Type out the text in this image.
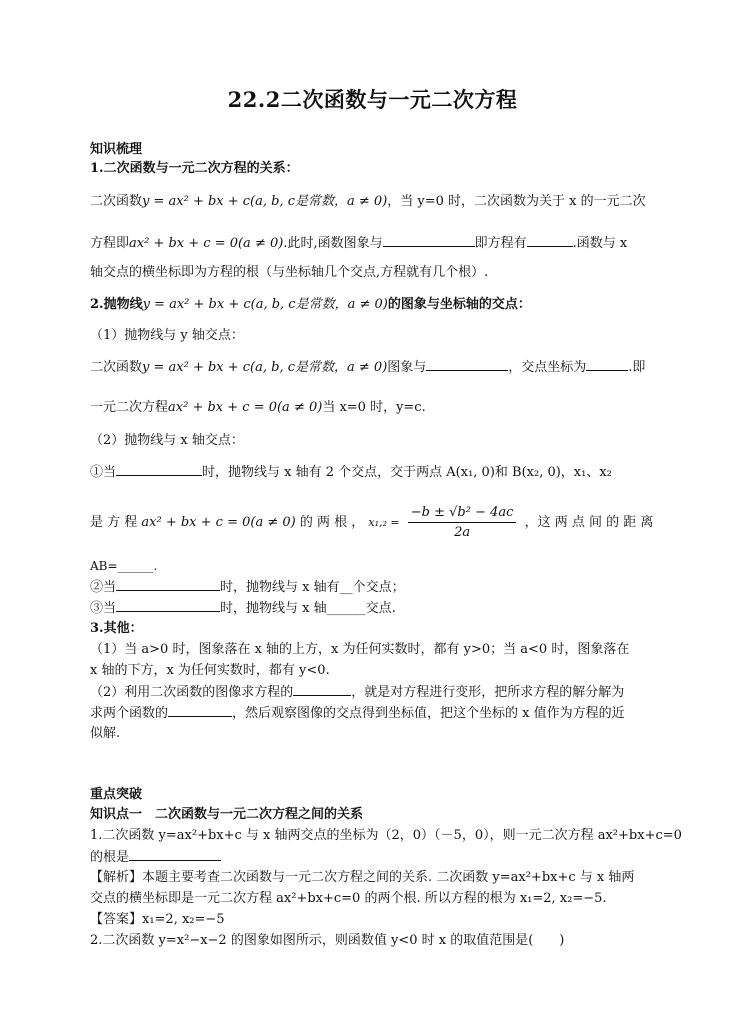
22.2二次函数与一元二次方程
知识梳理
1.二次函数与一元二次方程的关系：
二次函数y = ax² + bx + c(a, b, c是常数，a ≠ 0)，当 y=0 时，二次函数为关于 x 的一元二次
方程即ax² + bx + c = 0(a ≠ 0).此时,函数图象与	即方程有	.函数与 x
轴交点的横坐标即为方程的根（与坐标轴几个交点,方程就有几个根）.
2.抛物线y = ax² + bx + c(a, b, c是常数，a ≠ 0)的图象与坐标轴的交点：
（1）抛物线与 y 轴交点：
二次函数y = ax² + bx + c(a, b, c是常数，a ≠ 0)图象与	，交点坐标为	.即
一元二次方程ax² + bx + c = 0(a ≠ 0)当 x=0 时，y=c.
（2）抛物线与 x 轴交点：
①当	时，抛物线与 x 轴有 2 个交点，交于两点 A(x₁, 0)和 B(x₂, 0)，x₁、x₂
是 方 程 ax² + bx + c = 0(a ≠ 0) 的 两 根 ， $x_1,_2 = \frac{\text{−b ± √b² − 4ac}}{2a}$ ，这 两 点 间 的 距 离
AB=______.
②当	时，抛物线与 x 轴有__个交点；
③当	时，抛物线与 x 轴______交点.
3.其他：
（1）当 a>0 时，图象落在 x 轴的上方，x 为任何实数时，都有 y>0；当 a<0 时，图象落在
x 轴的下方，x 为任何实数时，都有 y<0.
（2）利用二次函数的图像求方程的	，就是对方程进行变形，把所求方程的解分解为
求两个函数的	，然后观察图像的交点得到坐标值，把这个坐标的 x 值作为方程的近
似解.
重点突破
知识点一　二次函数与一元二次方程之间的关系
1.二次函数 y=ax²+bx+c 与 x 轴两交点的坐标为（2，0）（－5，0），则一元二次方程 ax²+bx+c=0
的根是
【解析】本题主要考查二次函数与一元二次方程之间的关系. 二次函数 y=ax²+bx+c 与 x 轴两
交点的横坐标即是一元二次方程 ax²+bx+c=0 的两个根. 所以方程的根为 x₁=2, x₂=−5.
【答案】x₁=2, x₂=−5
2.二次函数 y=x²−x−2 的图象如图所示，则函数值 y<0 时 x 的取值范围是(　　)
